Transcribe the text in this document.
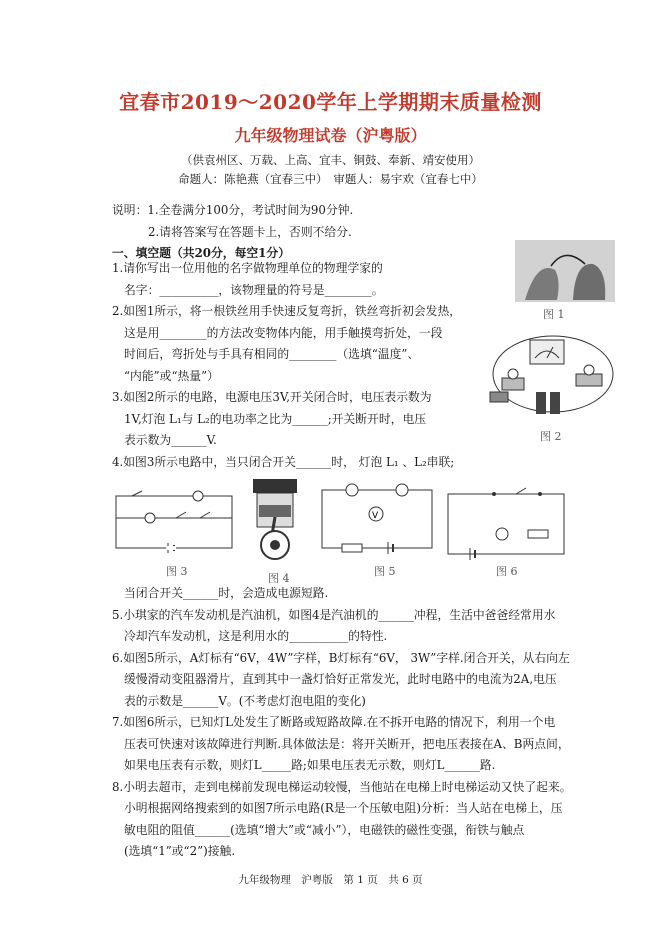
宜春市2019～2020学年上学期期末质量检测
九年级物理试卷（沪粤版）
（供袁州区、万载、上高、宜丰、铜鼓、奉新、靖安使用）
命题人：陈艳燕（宜春三中）　审题人：易宇欢（宜春七中）
说明：1.全卷满分100分，考试时间为90分钟.
2.请将答案写在答题卡上，否则不给分.
一、填空题（共20分，每空1分）
1.请你写出一位用他的名字做物理单位的物理学家的
名字：__________，该物理量的符号是________。
2.如图1所示，将一根铁丝用手快速反复弯折，铁丝弯折初会发热，
这是用________的方法改变物体内能，用手触摸弯折处，一段
时间后，弯折处与手具有相同的________（选填“温度”、
“内能”或“热量”）
3.如图2所示的电路，电源电压3V,开关闭合时，电压表示数为
1V,灯泡 L₁与 L₂的电功率之比为______;开关断开时，电压
表示数为______V.
4.如图3所示电路中，当只闭合开关______时， 灯泡 L₁ 、L₂串联;
图 1
图 2
图 3
图 4
V
图 5	图 6
当闭合开关______时，会造成电源短路.
5.小琪家的汽车发动机是汽油机，如图4是汽油机的______冲程，生活中爸爸经常用水
冷却汽车发动机，这是利用水的__________的特性.
6.如图5所示，A灯标有“6V，4W”字样，B灯标有“6V， 3W”字样.闭合开关，从右向左
缓慢滑动变阻器滑片，直到其中一盏灯恰好正常发光，此时电路中的电流为2A,电压
表的示数是______V。(不考虑灯泡电阻的变化)
7.如图6所示，已知灯L处发生了断路或短路故障.在不拆开电路的情况下，利用一个电
压表可快速对该故障进行判断.具体做法是：将开关断开，把电压表接在A、B两点间，
如果电压表有示数，则灯L_____路;如果电压表无示数，则灯L______路.
8.小明去超市，走到电梯前发现电梯运动较慢，当他站在电梯上时电梯运动又快了起来。
小明根据网络搜索到的如图7所示电路(R是一个压敏电阻)分析：当人站在电梯上，压
敏电阻的阻值______(选填“增大”或“减小”），电磁铁的磁性变强，衔铁与触点
(选填“1”或“2”)接触.
九年级物理　沪粤版　第 1 页　共 6 页
